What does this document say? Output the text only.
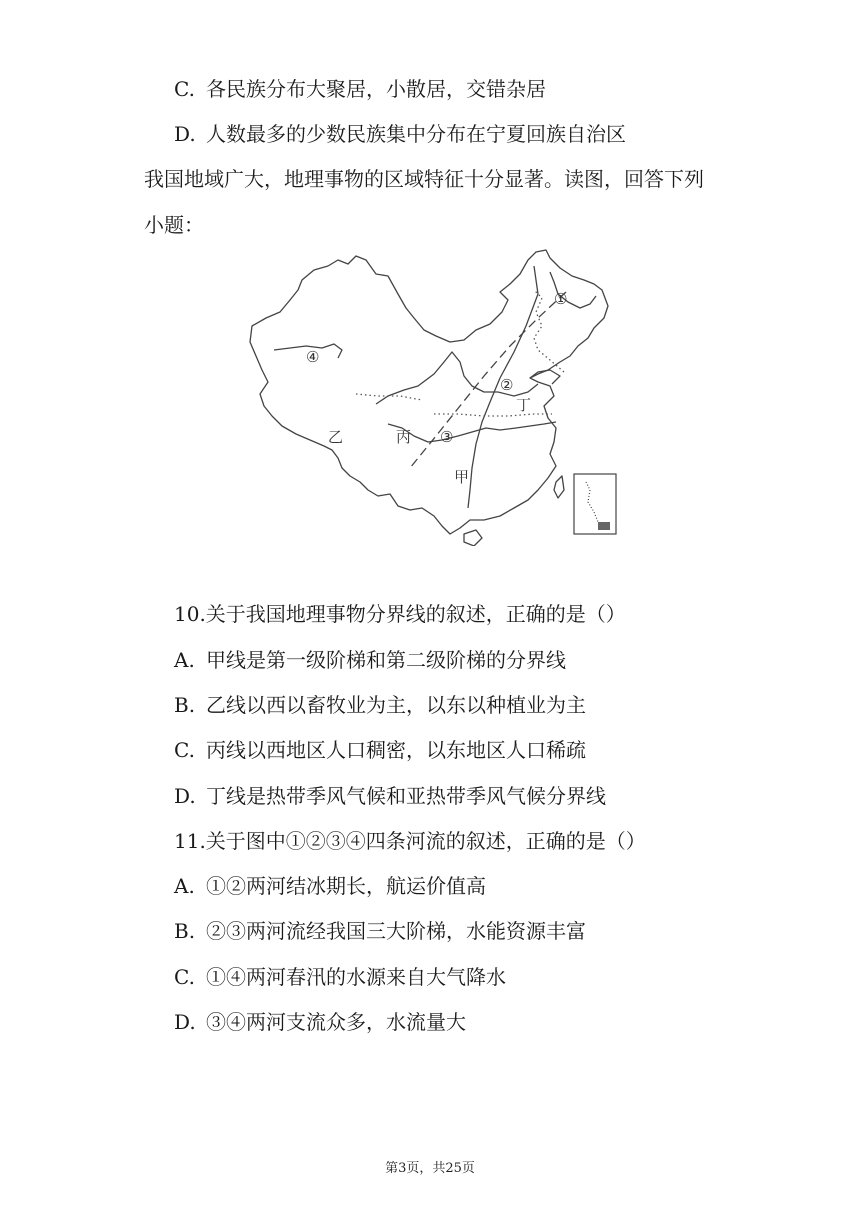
C. 各民族分布大聚居，小散居，交错杂居
D. 人数最多的少数民族集中分布在宁夏回族自治区
我国地域广大，地理事物的区域特征十分显著。读图，回答下列
小题：
①
②
③
④
甲
乙	丙
丁
10.关于我国地理事物分界线的叙述，正确的是（）
A. 甲线是第一级阶梯和第二级阶梯的分界线
B. 乙线以西以畜牧业为主，以东以种植业为主
C. 丙线以西地区人口稠密，以东地区人口稀疏
D. 丁线是热带季风气候和亚热带季风气候分界线
11.关于图中①②③④四条河流的叙述，正确的是（）
A. ①②两河结冰期长，航运价值高
B. ②③两河流经我国三大阶梯，水能资源丰富
C. ①④两河春汛的水源来自大气降水
D. ③④两河支流众多，水流量大
第3页，共25页
